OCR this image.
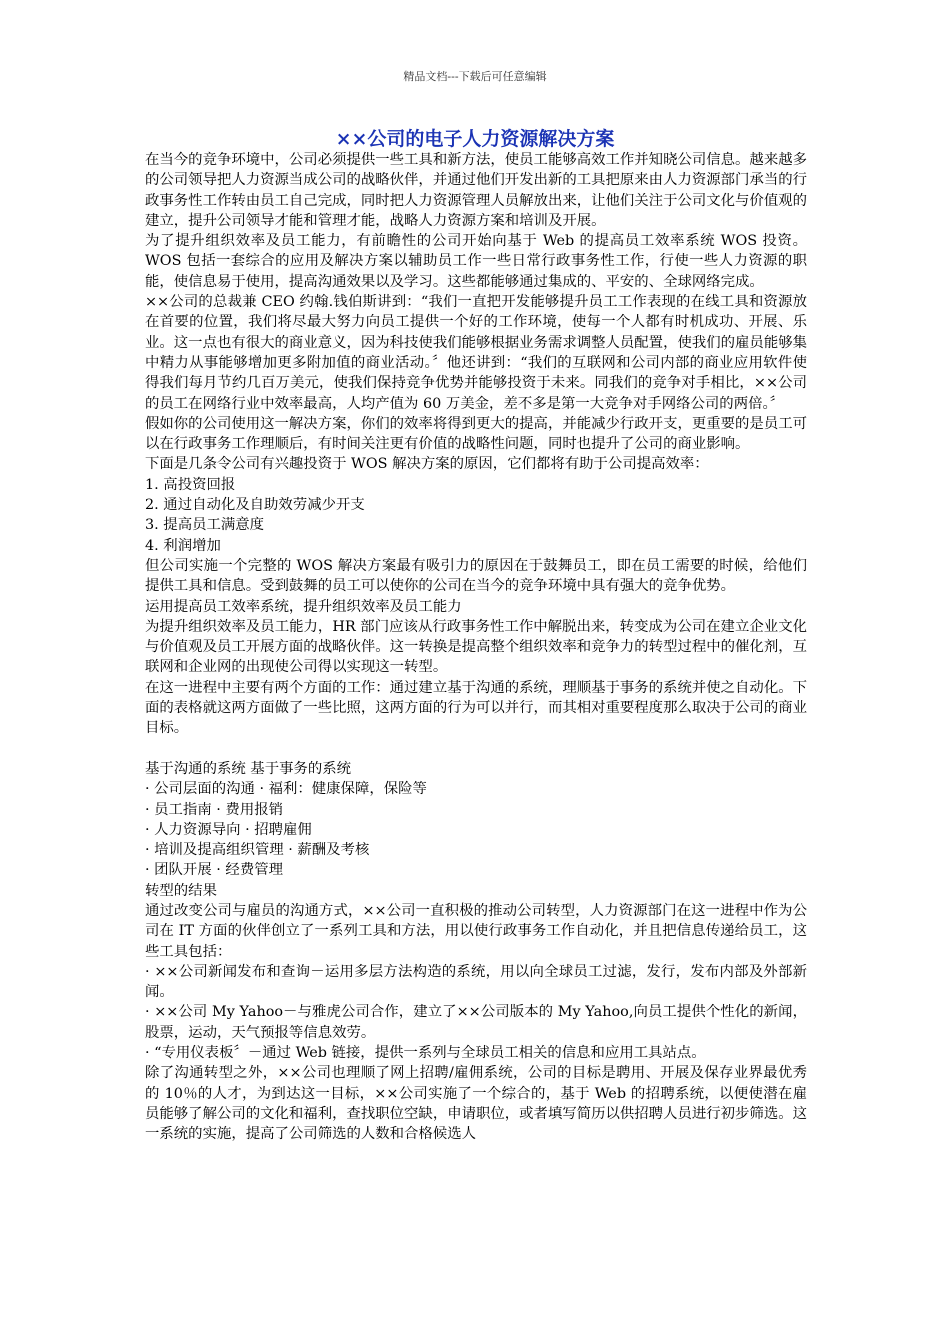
精品文档---下载后可任意编辑
××公司的电子人力资源解决方案

在当今的竞争环境中，公司必须提供一些工具和新方法，使员工能够高效工作并知晓公司信息。越来越多的公司领导把人力资源当成公司的战略伙伴，并通过他们开发出新的工具把原来由人力资源部门承当的行政事务性工作转由员工自己完成，同时把人力资源管理人员解放出来，让他们关注于公司文化与价值观的建立，提升公司领导才能和管理才能，战略人力资源方案和培训及开展。

为了提升组织效率及员工能力，有前瞻性的公司开始向基于 Web 的提高员工效率系统 WOS 投资。WOS 包括一套综合的应用及解决方案以辅助员工作一些日常行政事务性工作，行使一些人力资源的职能，使信息易于使用，提高沟通效果以及学习。这些都能够通过集成的、平安的、全球网络完成。

××公司的总裁兼 CEO 约翰.钱伯斯讲到：“我们一直把开发能够提升员工工作表现的在线工具和资源放在首要的位置，我们将尽最大努力向员工提供一个好的工作环境，使每一个人都有时机成功、开展、乐业。这一点也有很大的商业意义，因为科技使我们能够根据业务需求调整人员配置，使我们的雇员能够集中精力从事能够增加更多附加值的商业活动。〞他还讲到：“我们的互联网和公司内部的商业应用软件使得我们每月节约几百万美元，使我们保持竞争优势并能够投资于未来。同我们的竞争对手相比，××公司的员工在网络行业中效率最高，人均产值为 60 万美金，差不多是第一大竞争对手网络公司的两倍。〞

假如你的公司使用这一解决方案，你们的效率将得到更大的提高，并能减少行政开支，更重要的是员工可以在行政事务工作理顺后，有时间关注更有价值的战略性问题，同时也提升了公司的商业影响。

下面是几条令公司有兴趣投资于 WOS 解决方案的原因，它们都将有助于公司提高效率：

1. 高投资回报

2. 通过自动化及自助效劳减少开支

3. 提高员工满意度

4. 利润增加

但公司实施一个完整的 WOS 解决方案最有吸引力的原因在于鼓舞员工，即在员工需要的时候，给他们提供工具和信息。受到鼓舞的员工可以使你的公司在当今的竞争环境中具有强大的竞争优势。

运用提高员工效率系统，提升组织效率及员工能力

为提升组织效率及员工能力，HR 部门应该从行政事务性工作中解脱出来，转变成为公司在建立企业文化与价值观及员工开展方面的战略伙伴。这一转换是提高整个组织效率和竞争力的转型过程中的催化剂，互联网和企业网的出现使公司得以实现这一转型。

在这一进程中主要有两个方面的工作：通过建立基于沟通的系统，理顺基于事务的系统并使之自动化。下面的表格就这两方面做了一些比照，这两方面的行为可以并行，而其相对重要程度那么取决于公司的商业目标。

基于沟通的系统 基于事务的系统

· 公司层面的沟通 · 福利：健康保障，保险等

· 员工指南 · 费用报销

· 人力资源导向 · 招聘雇佣

· 培训及提高组织管理 · 薪酬及考核

· 团队开展 · 经费管理

转型的结果

通过改变公司与雇员的沟通方式，××公司一直积极的推动公司转型，人力资源部门在这一进程中作为公司在 IT 方面的伙伴创立了一系列工具和方法，用以使行政事务工作自动化，并且把信息传递给员工，这些工具包括：

· ××公司新闻发布和查询－运用多层方法构造的系统，用以向全球员工过滤，发行，发布内部及外部新闻。

· ××公司 My Yahoo－与雅虎公司合作，建立了××公司版本的 My Yahoo,向员工提供个性化的新闻，股票，运动，天气预报等信息效劳。

· “专用仪表板〞－通过 Web 链接，提供一系列与全球员工相关的信息和应用工具站点。

除了沟通转型之外，××公司也理顺了网上招聘/雇佣系统，公司的目标是聘用、开展及保存业界最优秀的 10％的人才，为到达这一目标，××公司实施了一个综合的，基于 Web 的招聘系统，以便使潜在雇员能够了解公司的文化和福利，查找职位空缺，申请职位，或者填写简历以供招聘人员进行初步筛选。这一系统的实施，提高了公司筛选的人数和合格候选人
